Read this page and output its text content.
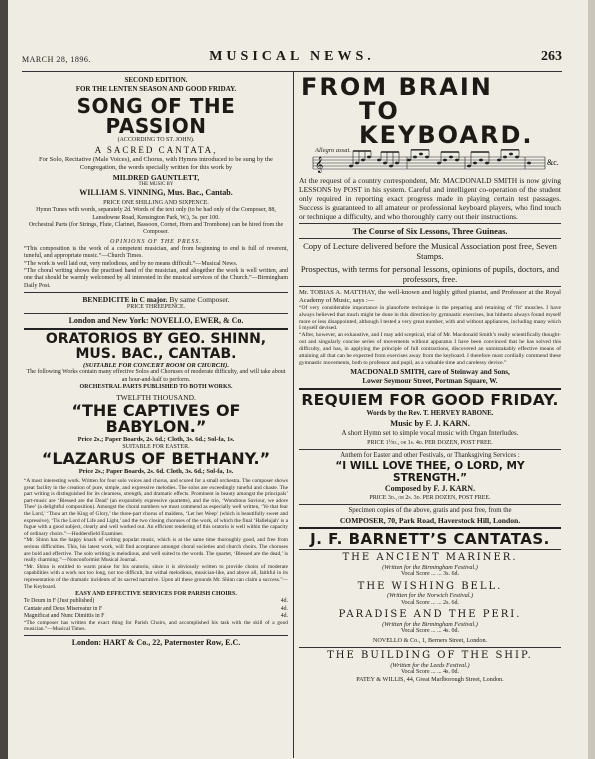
MARCH 28, 1896.	MUSICAL NEWS.	263

SECOND EDITION.

FOR THE LENTEN SEASON AND GOOD FRIDAY.

SONG OF THE PASSION

(ACCORDING TO ST. JOHN).

A SACRED CANTATA,

For Solo, Recitative (Male Voices), and Chorus, with Hymns introduced to be sung by the Congregation, the words specially written for this work by

MILDRED GAUNTLETT,

THE MUSIC BY

WILLIAM S. VINNING, Mus. Bac., Cantab.

PRICE ONE SHILLING AND SIXPENCE.

Hymn Tunes with words, separately 2d. Words of the text only (to be had only of the Composer, 88, Lansdowne Road, Kensington Park, W.), 3s. per 100.

Orchestral Parts (for Strings, Flute, Clarinet, Bassoon, Cornet, Horn and Trombone) can be hired from the Composer.

OPINIONS OF THE PRESS.

“This composition is the work of a competent musician, and from beginning to end is full of reverent, tuneful, and appropriate music.”—Church Times.

“The work is well laid out, very melodious, and by no means difficult.”—Musical News.

“The choral writing shows the practised hand of the musician, and altogether the work is well written, and one that should be warmly welcomed by all interested in the musical services of the Church.”—Birmingham Daily Post.

BENEDICITE in C major. By same Composer.

PRICE THREEPENCE.

London and New York: NOVELLO, EWER, & Co.

ORATORIOS BY GEO. SHINN, MUS. BAC., CANTAB.

(SUITABLE FOR CONCERT ROOM OR CHURCH).

The following Works contain many effective Solos and Choruses of moderate difficulty, and will take about an hour-and-half to perform.

ORCHESTRAL PARTS PUBLISHED TO BOTH WORKS.

TWELFTH THOUSAND.

“THE CAPTIVES OF BABYLON.”

Price 2s.; Paper Boards, 2s. 6d.; Cloth, 3s. 6d.; Sol-fa, 1s.

SUITABLE FOR EASTER.

“LAZARUS OF BETHANY.”

Price 2s.; Paper Boards, 2s. 6d. Cloth, 3s. 6d.; Sol-fa, 1s.

“A most interesting work. Written for four solo voices and chorus, and scored for a small orchestra. The composer shows great facility in the creation of pure, simple, and expressive melodies. The solos are exceedingly tuneful and chaste. The part writing is distinguished for its clearness, strength, and dramatic effects. Prominent in beauty amongst the principals’ part-music are ‘Blessed are the Dead’ (an exquisitely expressive quartette), and the trio, ‘Wondrous Saviour, we adore Thee’ (a delightful composition). Amongst the choral numbers we must commend as especially well written, ‘Ye that fear the Lord,’ ‘Thou art the King of Glory,’ the three-part chorus of maidens, ‘Let her Weep’ (which is beautifully sweet and expressive), ‘Tis the Lord of Life and Light,’ and the two closing choruses of the work, of which the final ‘Hallelujah’ is a fugue with a good subject, clearly and well worked out. An efficient rendering of this oratorio is well within the capacity of ordinary choirs.”—Huddersfield Examiner.

“Mr. Shinn has the happy knack of writing popular music, which is at the same time thoroughly good, and free from serious difficulties. This, his latest work, will find acceptance amongst choral societies and church choirs. The choruses are bold and effective. The solo writing is melodious, and well suited to the words. The quartet, ‘Blessed are the dead,’ is really charming.”—Nonconformist Musical Journal.

“Mr. Shinn is entitled to warm praise for his oratorio, since it is obviously written to provide choirs of moderate capabilities with a work not too long, not too difficult, but withal melodious, musician-like, and above all, faithful in its representation of the dramatic incidents of its sacred narrative. Upon all these grounds Mr. Shinn can claim a success.”—The Keyboard.

EASY AND EFFECTIVE SERVICES FOR PARISH CHOIRS.

Te Deum in F (Just published)	4d.
Cantate and Deus Misereatur in F	4d.
Magnificat and Nunc Dimittis in F	4d.

“The composer has written the exact thing for Parish Choirs, and accomplished his task with the skill of a good musician.”—Musical Times.

London: HART & Co., 22, Paternoster Row, E.C.

FROM BRAIN
TO KEYBOARD.
𝄞	&c.
Allegro assai.

At the request of a country correspondent, Mr. MACDONALD SMITH is now giving LESSONS by POST in his system. Careful and intelligent co-operation of the student only required in reporting exact progress made in playing certain test passages. Success is guaranteed to all amateur or professional keyboard players, who find touch or technique a difficulty, and who thoroughly carry out their instructions.

The Course of Six Lessons, Three Guineas.

Copy of Lecture delivered before the Musical Association post free, Seven Stamps.

Prospectus, with terms for personal lessons, opinions of pupils, doctors, and professors, free.

Mr. TOBIAS A. MATTHAY, the well-known and highly gifted pianist, and Professor at the Royal Academy of Music, says :—

“Of very considerable importance in pianoforte technique is the preparing and retaining of ‘fit’ muscles. I have always believed that much might be done in this direction by gymnastic exercises, but hitherto always found myself more or less disappointed, although I tested a very great number, with and without appliances, including many which I myself devised.

“After, however, an exhaustive, and I may add sceptical, trial of Mr. Macdonald Smith’s really scientifically thought-out and singularly concise series of movements without apparatus I have been convinced that he has solved this difficulty, and has, in applying the principle of full contractions, discovered an unmistakably effective means of attaining all that can be expected from exercises away from the keyboard. I therefore most cordially commend these gymnastic movements, both to professor and pupil, as a valuable time and carelessy device.”

MACDONALD SMITH, care of Steinway and Sons,

Lower Seymour Street, Portman Square, W.

REQUIEM FOR GOOD FRIDAY.

Words by the Rev. T. HERVEY RABONE.

Music by F. J. KARN.

A short Hymn set to simple vocal music with Organ Interludes.

PRICE 1½d., or 1s. 4d. PER DOZEN, POST FREE.

Anthem for Easter and other Festivals, or Thanksgiving Services :

“I WILL LOVE THEE, O LORD, MY STRENGTH.”

Composed by F. J. KARN.

PRICE 3d., or 2s. 3d. PER DOZEN, POST FREE.

Specimen copies of the above, gratis and post free, from the

COMPOSER, 70, Park Road, Haverstock Hill, London.

J. F. BARNETT’S CANTATAS.
THE ANCIENT MARINER.

(Written for the Birmingham Festival.)

Vocal Score ... ... 3s. 6d.

THE WISHING BELL.

(Written for the Norwich Festival.)

Vocal Score ... ... 2s. 6d.

PARADISE AND THE PERI.

(Written for the Birmingham Festival.)

Vocal Score ... ... 4s. 0d.

NOVELLO & Co., 1, Berners Street, London.

THE BUILDING OF THE SHIP.

(Written for the Leeds Festival.)

Vocal Score ... ... 4s. 0d.

PATEY & WILLIS, 44, Great Marlborough Street, London.
